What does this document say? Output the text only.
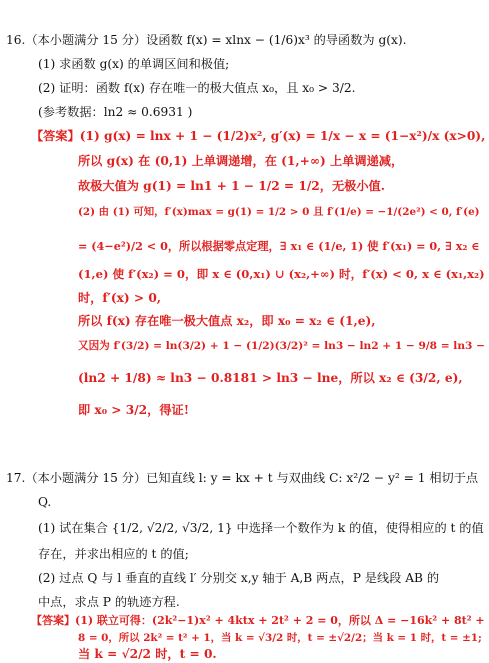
16.（本小题满分 15 分）设函数 f(x) = xlnx − (1/6)x³ 的导函数为 g(x).
(1) 求函数 g(x) 的单调区间和极值;
(2) 证明：函数 f(x) 存在唯一的极大值点 x₀，且 x₀ > 3/2.
(参考数据：ln2 ≈ 0.6931 )
【答案】(1) g(x) = lnx + 1 − (1/2)x², g′(x) = 1/x − x = (1−x²)/x (x>0),
所以 g(x) 在 (0,1) 上单调递增，在 (1,+∞) 上单调递减，
故极大值为 g(1) = ln1 + 1 − 1/2 = 1/2，无极小值.
(2) 由 (1) 可知，f′(x)max = g(1) = 1/2 > 0 且 f′(1/e) = −1/(2e²) < 0, f′(e)
= (4−e²)/2 < 0，所以根据零点定理，∃ x₁ ∈ (1/e, 1) 使 f′(x₁) = 0, ∃ x₂ ∈
(1,e) 使 f′(x₂) = 0，即 x ∈ (0,x₁) ∪ (x₂,+∞) 时，f′(x) < 0, x ∈ (x₁,x₂)
时，f′(x) > 0,
所以 f(x) 存在唯一极大值点 x₂，即 x₀ = x₂ ∈ (1,e),
又因为 f′(3/2) = ln(3/2) + 1 − (1/2)(3/2)² = ln3 − ln2 + 1 − 9/8 = ln3 −
(ln2 + 1/8) ≈ ln3 − 0.8181 > ln3 − lne，所以 x₂ ∈ (3/2, e),
即 x₀ > 3/2，得证!
17.（本小题满分 15 分）已知直线 l: y = kx + t 与双曲线 C: x²/2 − y² = 1 相切于点
Q.
(1) 试在集合 {1/2, √2/2, √3/2, 1} 中选择一个数作为 k 的值，使得相应的 t 的值
存在，并求出相应的 t 的值;
(2) 过点 Q 与 l 垂直的直线 l′ 分别交 x,y 轴于 A,B 两点，P 是线段 AB 的
中点，求点 P 的轨迹方程.
【答案】(1) 联立可得：(2k²−1)x² + 4ktx + 2t² + 2 = 0，所以 Δ = −16k² + 8t² +
8 = 0，所以 2k² = t² + 1，当 k = √3/2 时，t = ±√2/2；当 k = 1 时，t = ±1;
当 k = √2/2 时，t = 0.
